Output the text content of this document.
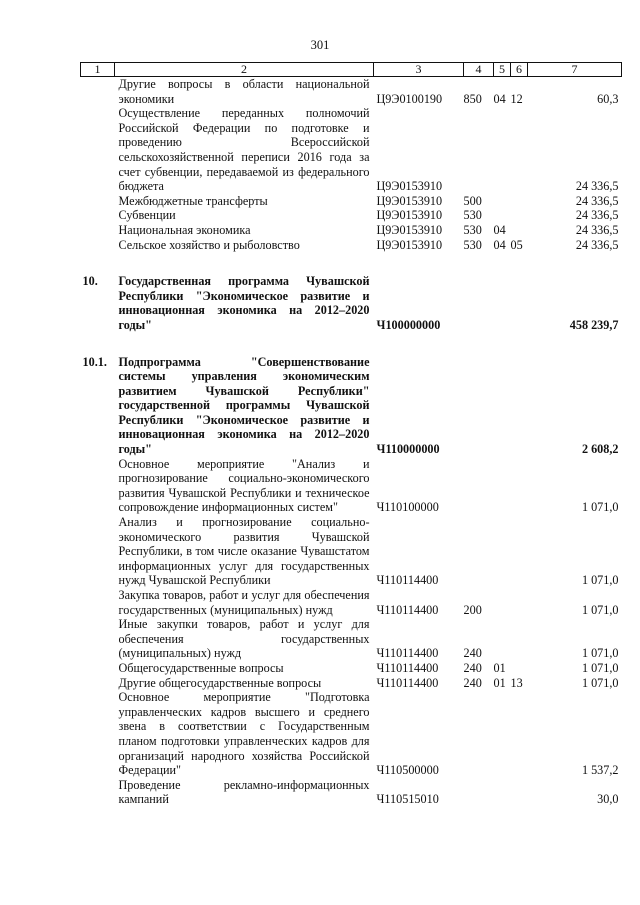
301
1	2	3	4	5	6	7
	Другие вопросы в области национальной экономики	Ц9Э0100190	850	04	12	60,3
	Осуществление переданных полномочий Российской Федерации по подготовке и проведению Всероссийской сельскохозяйственной переписи 2016 года за счет субвенции, передаваемой из федерального бюджета	Ц9Э0153910				24 336,5
	Межбюджетные трансферты	Ц9Э0153910	500			24 336,5
	Субвенции	Ц9Э0153910	530			24 336,5
	Национальная экономика	Ц9Э0153910	530	04		24 336,5
	Сельское хозяйство и рыболовство	Ц9Э0153910	530	04	05	24 336,5

10.	Государственная программа Чувашской Республики "Экономическое развитие и инновационная экономика на 2012–2020 годы"	Ч100000000				458 239,7

10.1.	Подпрограмма "Совершенствование системы управления экономическим развитием Чувашской Республики" государственной программы Чувашской Республики "Экономическое развитие и инновационная экономика на 2012–2020 годы"	Ч110000000				2 608,2
	Основное мероприятие "Анализ и прогнозирование социально-экономического развития Чувашской Республики и техническое сопровождение информационных систем"	Ч110100000				1 071,0
	Анализ и прогнозирование социально-экономического развития Чувашской Республики, в том числе оказание Чувашстатом информационных услуг для государственных нужд Чувашской Республики	Ч110114400				1 071,0
	Закупка товаров, работ и услуг для обеспечения государственных (муниципальных) нужд	Ч110114400	200			1 071,0
	Иные закупки товаров, работ и услуг для обеспечения государственных (муниципальных) нужд	Ч110114400	240			1 071,0
	Общегосударственные вопросы	Ч110114400	240	01		1 071,0
	Другие общегосударственные вопросы	Ч110114400	240	01	13	1 071,0
	Основное мероприятие "Подготовка управленческих кадров высшего и среднего звена в соответствии с Государственным планом подготовки управленческих кадров для организаций народного хозяйства Российской Федерации"	Ч110500000				1 537,2
	Проведение рекламно-информационных кампаний	Ч110515010				30,0
